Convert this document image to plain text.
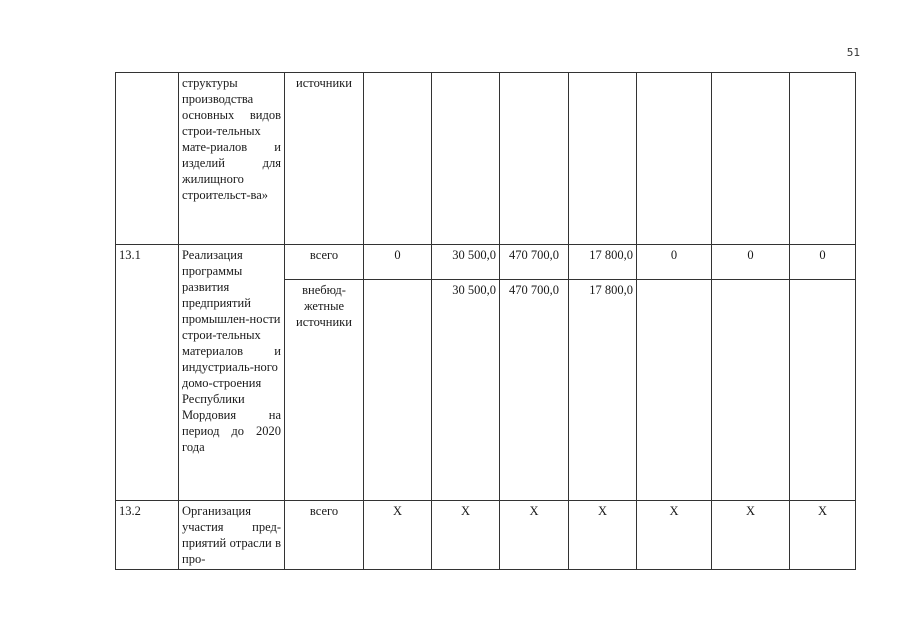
51
	структуры производства основных видов строи-тельных мате-риалов и изделий для жилищного строительст-ва»	источники							
13.1	Реализация программы развития предприятий промышлен-ности строи-тельных материалов и индустриаль-ного домо-строения Республики Мордовия на период до 2020 года	всего	0	30 500,0	470 700,0	17 800,0	0	0	0
		внебюд-жетные источники		30 500,0	470 700,0	17 800,0			
13.2	Организация участия пред-приятий отрасли в про-	всего	X	X	X	X	X	X	X
